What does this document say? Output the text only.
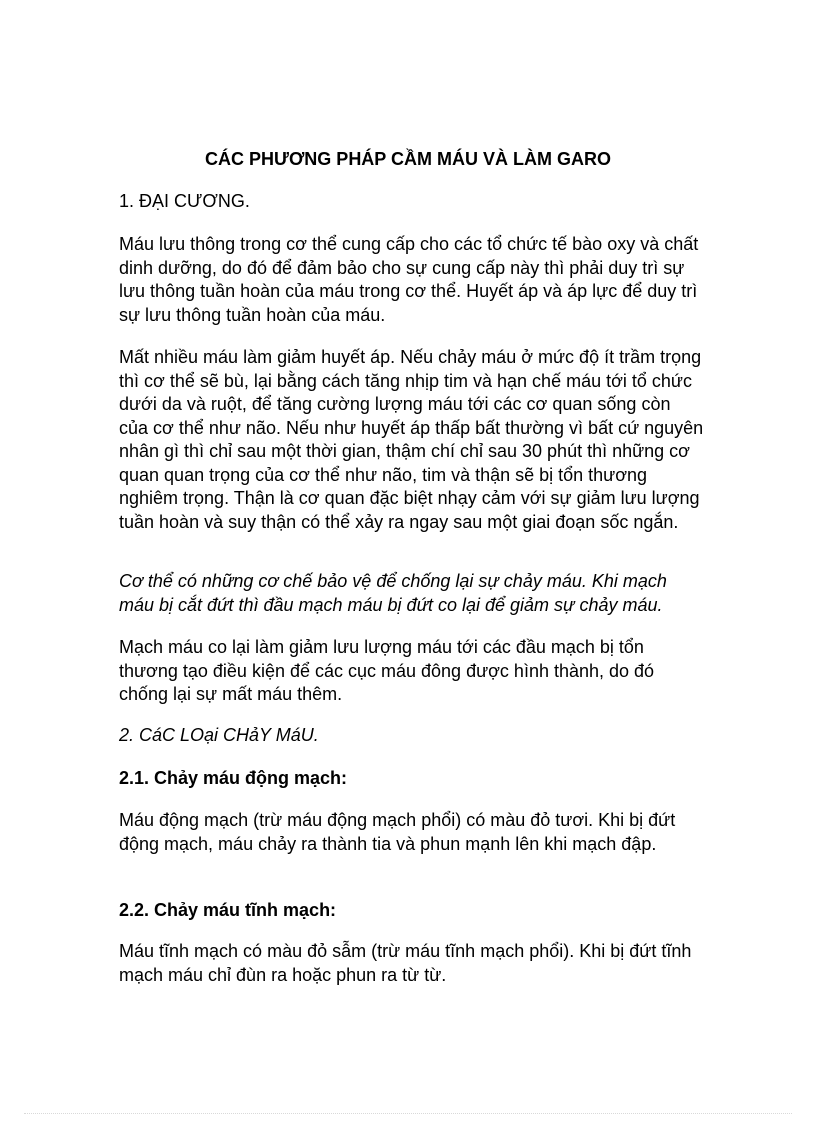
CÁC PHƯƠNG PHÁP CẦM MÁU VÀ LÀM GARO

1. ĐẠI CƯƠNG.

Máu lưu thông trong cơ thể cung cấp cho các tổ chức tế bào oxy và chất dinh dưỡng, do đó để đảm bảo cho sự cung cấp này thì phải duy trì sự lưu thông tuần hoàn của máu trong cơ thể. Huyết áp và áp lực để duy trì sự lưu thông tuần hoàn của máu.

Mất nhiều máu làm giảm huyết áp. Nếu chảy máu ở mức độ ít trầm trọng thì cơ thể sẽ bù, lại bằng cách tăng nhịp tim và hạn chế máu tới tổ chức dưới da và ruột, để tăng cường lượng máu tới các cơ quan sống còn của cơ thể như não. Nếu như huyết áp thấp bất thường vì bất cứ nguyên nhân gì thì chỉ sau một thời gian, thậm chí chỉ sau 30 phút thì những cơ quan quan trọng của cơ thể như não, tim và thận sẽ bị tổn thương nghiêm trọng. Thận là cơ quan đặc biệt nhạy cảm với sự giảm lưu lượng tuần hoàn và suy thận có thể xảy ra ngay sau một giai đoạn sốc ngắn.

Cơ thể có những cơ chế bảo vệ để chống lại sự chảy máu. Khi mạch máu bị cắt đứt thì đầu mạch máu bị đứt co lại để giảm sự chảy máu.

Mạch máu co lại làm giảm lưu lượng máu tới các đầu mạch bị tổn thương tạo điều kiện để các cục máu đông được hình thành, do đó chống lại sự mất máu thêm.

2. CáC LOại CHảY MáU.

2.1. Chảy máu động mạch:

Máu động mạch (trừ máu động mạch phổi) có màu đỏ tươi. Khi bị đứt động mạch, máu chảy ra thành tia và phun mạnh lên khi mạch đập.

2.2. Chảy máu tĩnh mạch:

Máu tĩnh mạch có màu đỏ sẫm (trừ máu tĩnh mạch phổi). Khi bị đứt tĩnh mạch máu chỉ đùn ra hoặc phun ra từ từ.
